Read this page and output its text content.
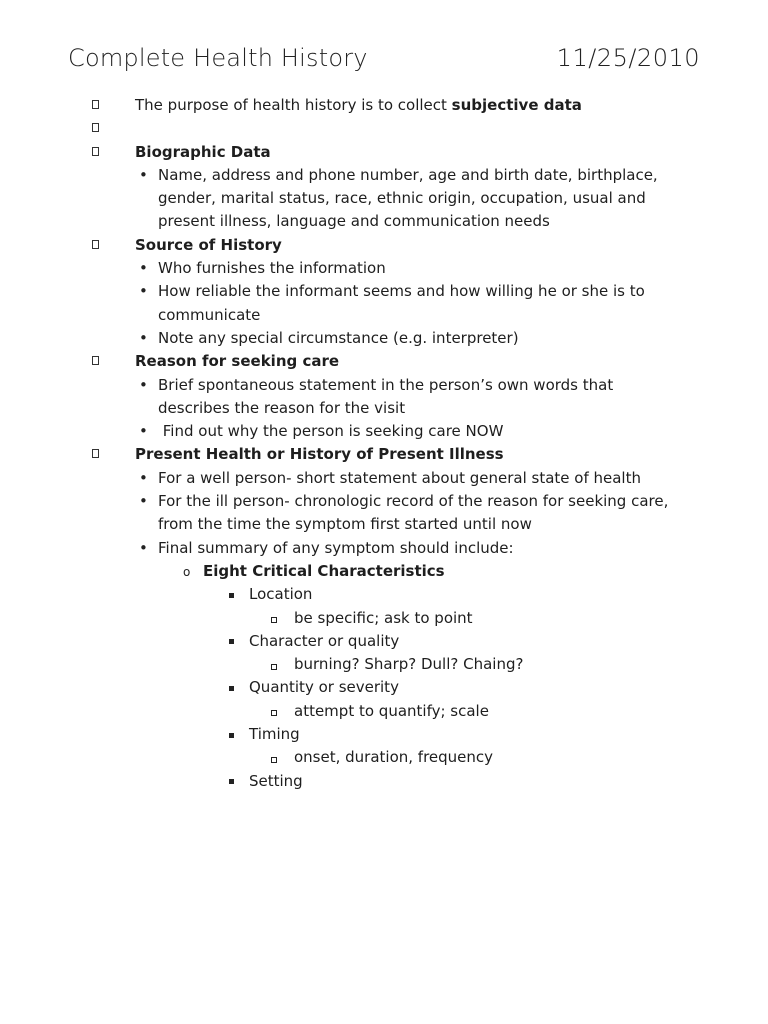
Complete Health History	11/25/2010
The purpose of health history is to collect subjective data
Biographic Data
• Name, address and phone number, age and birth date, birthplace,
gender, marital status, race, ethnic origin, occupation, usual and
present illness, language and communication needs
Source of History
• Who furnishes the information
• How reliable the informant seems and how willing he or she is to
communicate
• Note any special circumstance (e.g. interpreter)
Reason for seeking care
• Brief spontaneous statement in the person’s own words that
describes the reason for the visit
• Find out why the person is seeking care NOW
Present Health or History of Present Illness
• For a well person- short statement about general state of health
• For the ill person- chronologic record of the reason for seeking care,
from the time the symptom first started until now
• Final summary of any symptom should include:
o Eight Critical Characteristics
Location
be specific; ask to point
Character or quality
burning? Sharp? Dull? Chaing?
Quantity or severity
attempt to quantify; scale
Timing
onset, duration, frequency
Setting
